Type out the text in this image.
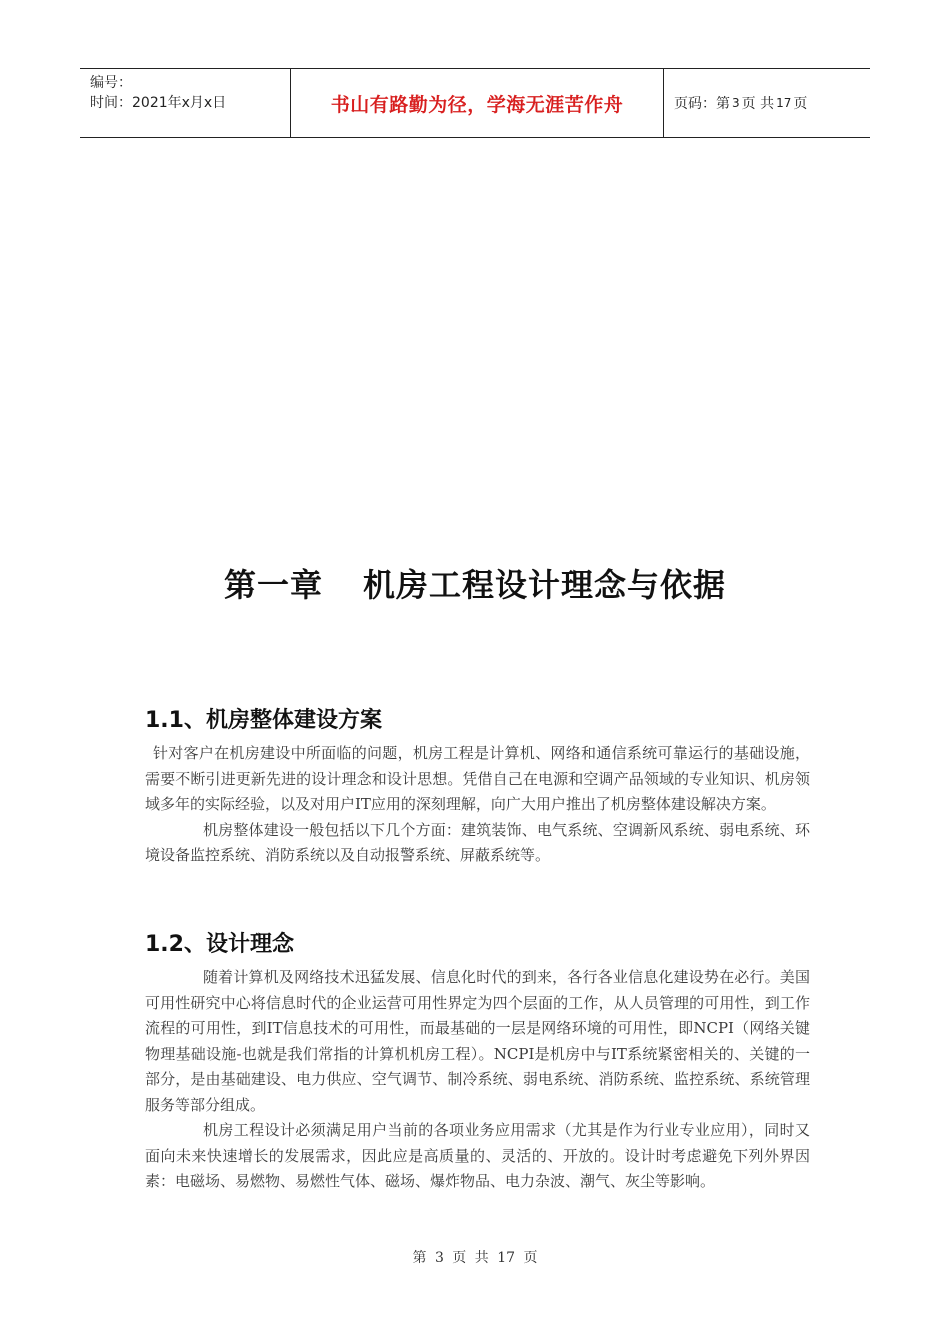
编号：
时间：2021年x月x日	书山有路勤为径，学海无涯苦作舟	页码：第 3 页 共 17 页
第一章 机房工程设计理念与依据
1.1、机房整体建设方案

针对客户在机房建设中所面临的问题，机房工程是计算机、网络和通信系统可靠运行的基础设施，需要不断引进更新先进的设计理念和设计思想。凭借自己在电源和空调产品领域的专业知识、机房领域多年的实际经验，以及对用户IT应用的深刻理解，向广大用户推出了机房整体建设解决方案。

机房整体建设一般包括以下几个方面：建筑装饰、电气系统、空调新风系统、弱电系统、环境设备监控系统、消防系统以及自动报警系统、屏蔽系统等。

1.2、设计理念

随着计算机及网络技术迅猛发展、信息化时代的到来，各行各业信息化建设势在必行。美国可用性研究中心将信息时代的企业运营可用性界定为四个层面的工作，从人员管理的可用性，到工作流程的可用性，到IT信息技术的可用性，而最基础的一层是网络环境的可用性，即NCPI（网络关键物理基础设施-也就是我们常指的计算机机房工程）。NCPI是机房中与IT系统紧密相关的、关键的一部分，是由基础建设、电力供应、空气调节、制冷系统、弱电系统、消防系统、监控系统、系统管理服务等部分组成。

机房工程设计必须满足用户当前的各项业务应用需求（尤其是作为行业专业应用），同时又面向未来快速增长的发展需求，因此应是高质量的、灵活的、开放的。设计时考虑避免下列外界因素：电磁场、易燃物、易燃性气体、磁场、爆炸物品、电力杂波、潮气、灰尘等影响。

第 3 页 共 17 页
